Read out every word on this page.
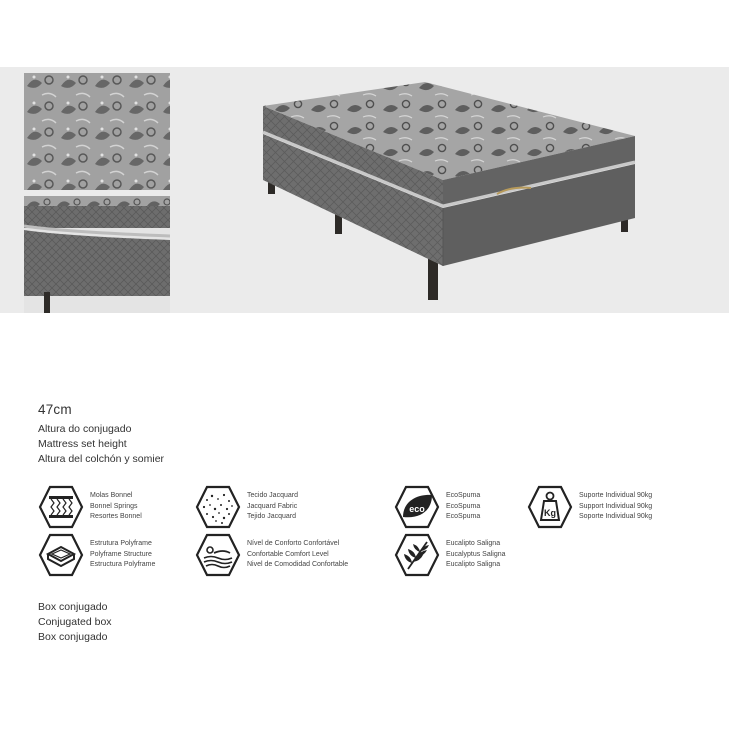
47cm
Altura do conjugado
Mattress set height
Altura del colchón y somier
Molas Bonnel
Bonnel Springs
Resortes Bonnel
Tecido Jacquard
Jacquard Fabric
Tejido Jacquard
eco
EcoSpuma
EcoSpuma
EcoSpuma	Kg
Suporte Individual 90kg
Support Individual 90kg
Soporte Individual 90kg
Estrutura Polyframe
Polyframe Structure
Estructura Polyframe
Nível de Conforto Confortável
Confortable Comfort Level
Nivel de Comodidad Confortable
Eucalipto Saligna
Eucalyptus Saligna
Eucalipto Saligna
Box conjugado
Conjugated box
Box conjugado
